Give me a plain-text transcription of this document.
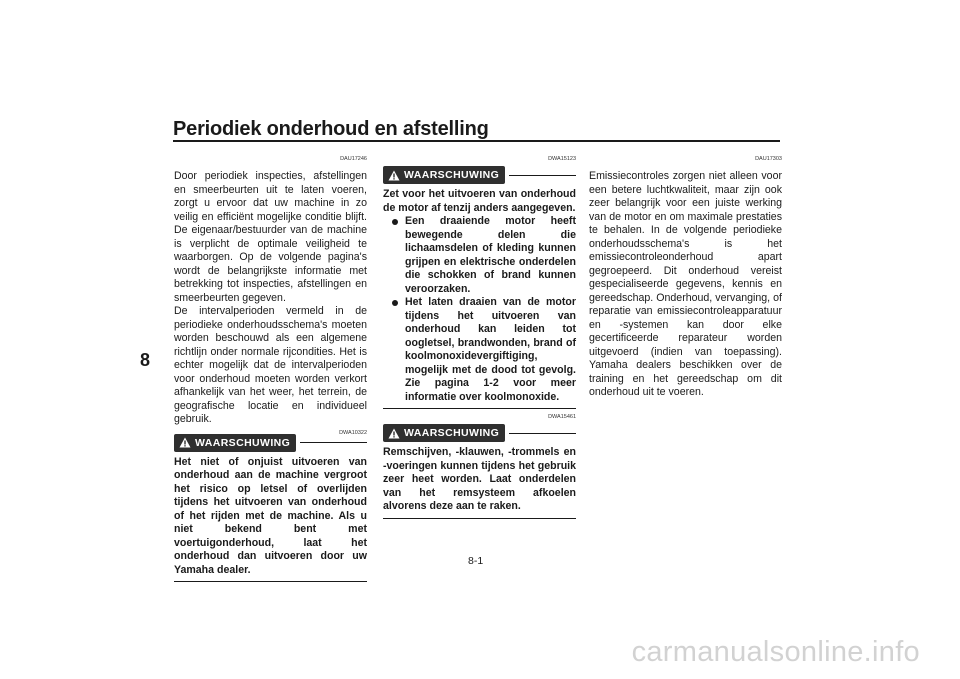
Periodiek onderhoud en afstelling
8
DAU17246

Door periodiek inspecties, afstellingen en smeerbeurten uit te laten voeren, zorgt u ervoor dat uw machine in zo veilig en efficiënt mogelijke conditie blijft. De eigenaar/bestuurder van de machine is verplicht de optimale veiligheid te waarborgen. Op de volgende pagina's wordt de belangrijkste informatie met betrekking tot inspecties, afstellingen en smeerbeurten gegeven.

De intervalperioden vermeld in de periodieke onderhoudsschema's moeten worden beschouwd als een algemene richtlijn onder normale rijcondities. Het is echter mogelijk dat de intervalperioden voor onderhoud moeten worden verkort afhankelijk van het weer, het terrein, de geografische locatie en individueel gebruik.

DWA10322
WAARSCHUWING

Het niet of onjuist uitvoeren van onderhoud aan de machine vergroot het risico op letsel of overlijden tijdens het uitvoeren van onderhoud of het rijden met de machine. Als u niet bekend bent met voertuigonderhoud, laat het onderhoud dan uitvoeren door uw Yamaha dealer.

DWA15123
WAARSCHUWING

Zet voor het uitvoeren van onderhoud de motor af tenzij anders aangegeven.

Een draaiende motor heeft bewegende delen die lichaamsdelen of kleding kunnen grijpen en elektrische onderdelen die schokken of brand kunnen veroorzaken.
Het laten draaien van de motor tijdens het uitvoeren van onderhoud kan leiden tot oogletsel, brandwonden, brand of koolmonoxidevergiftiging, mogelijk met de dood tot gevolg. Zie pagina 1-2 voor meer informatie over koolmonoxide.
DWA15461
WAARSCHUWING

Remschijven, -klauwen, -trommels en -voeringen kunnen tijdens het gebruik zeer heet worden. Laat onderdelen van het remsysteem afkoelen alvorens deze aan te raken.

DAU17303

Emissiecontroles zorgen niet alleen voor een betere luchtkwaliteit, maar zijn ook zeer belangrijk voor een juiste werking van de motor en om maximale prestaties te behalen. In de volgende periodieke onderhoudsschema's is het emissiecontroleonderhoud apart gegroepeerd. Dit onderhoud vereist gespecialiseerde gegevens, kennis en gereedschap. Onderhoud, vervanging, of reparatie van emissiecontroleapparatuur en -systemen kan door elke gecertificeerde reparateur worden uitgevoerd (indien van toepassing). Yamaha dealers beschikken over de training en het gereedschap om dit onderhoud uit te voeren.

8-1
carmanualsonline.info
